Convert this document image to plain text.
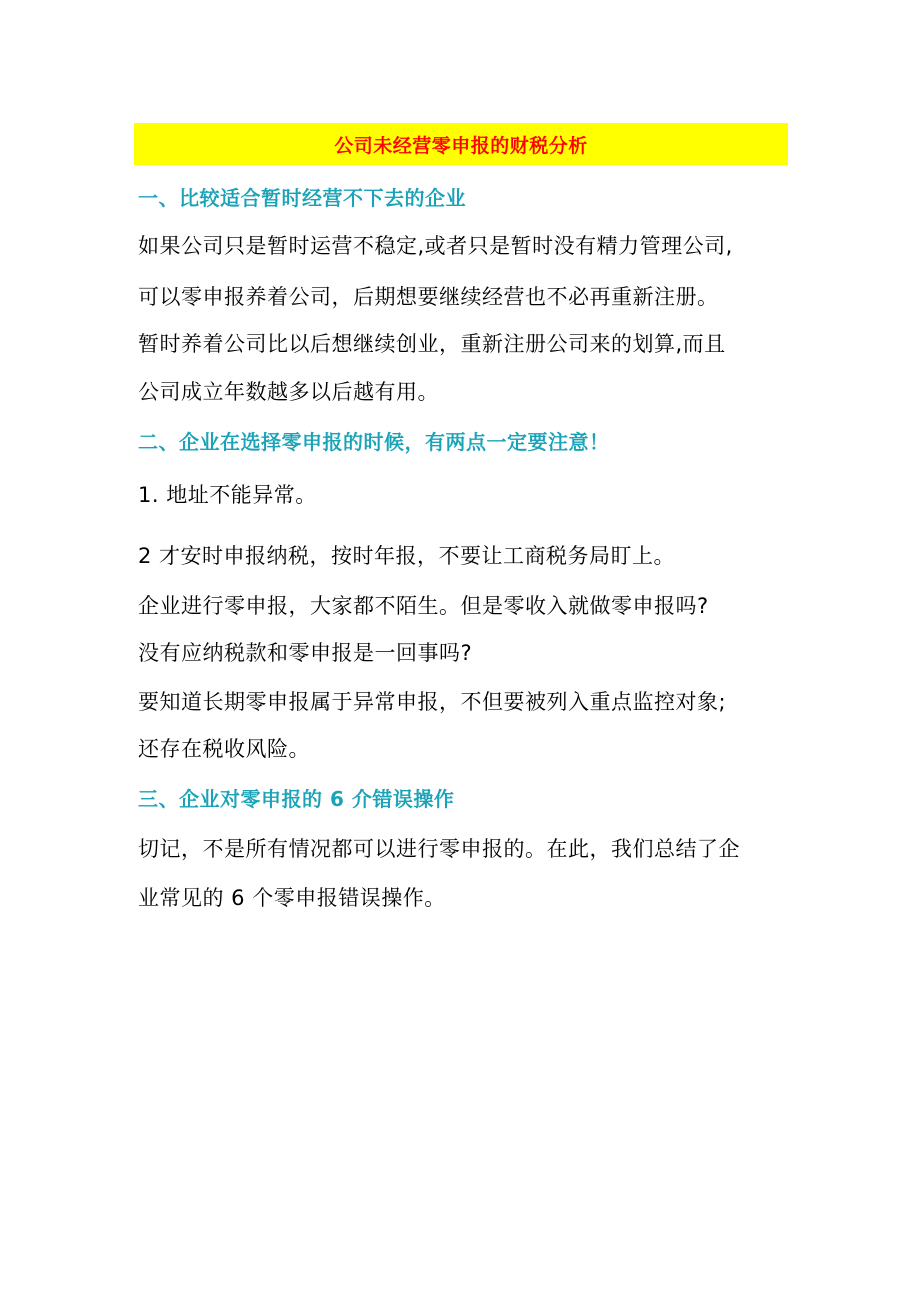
公司未经营零申报的财税分析
一、比较适合暂时经营不下去的企业
如果公司只是暂时运营不稳定,或者只是暂时没有精力管理公司,
可以零申报养着公司，后期想要继续经营也不必再重新注册。
暂时养着公司比以后想继续创业，重新注册公司来的划算,而且
公司成立年数越多以后越有用。
二、企业在选择零申报的时候，有两点一定要注意！
1. 地址不能异常。
2 才安时申报纳税，按时年报，不要让工商税务局盯上。
企业进行零申报，大家都不陌生。但是零收入就做零申报吗?
没有应纳税款和零申报是一回事吗?
要知道长期零申报属于异常申报，不但要被列入重点监控对象;
还存在税收风险。
三、企业对零申报的 6 介错误操作
切记，不是所有情况都可以进行零申报的。在此，我们总结了企
业常见的 6 个零申报错误操作。
